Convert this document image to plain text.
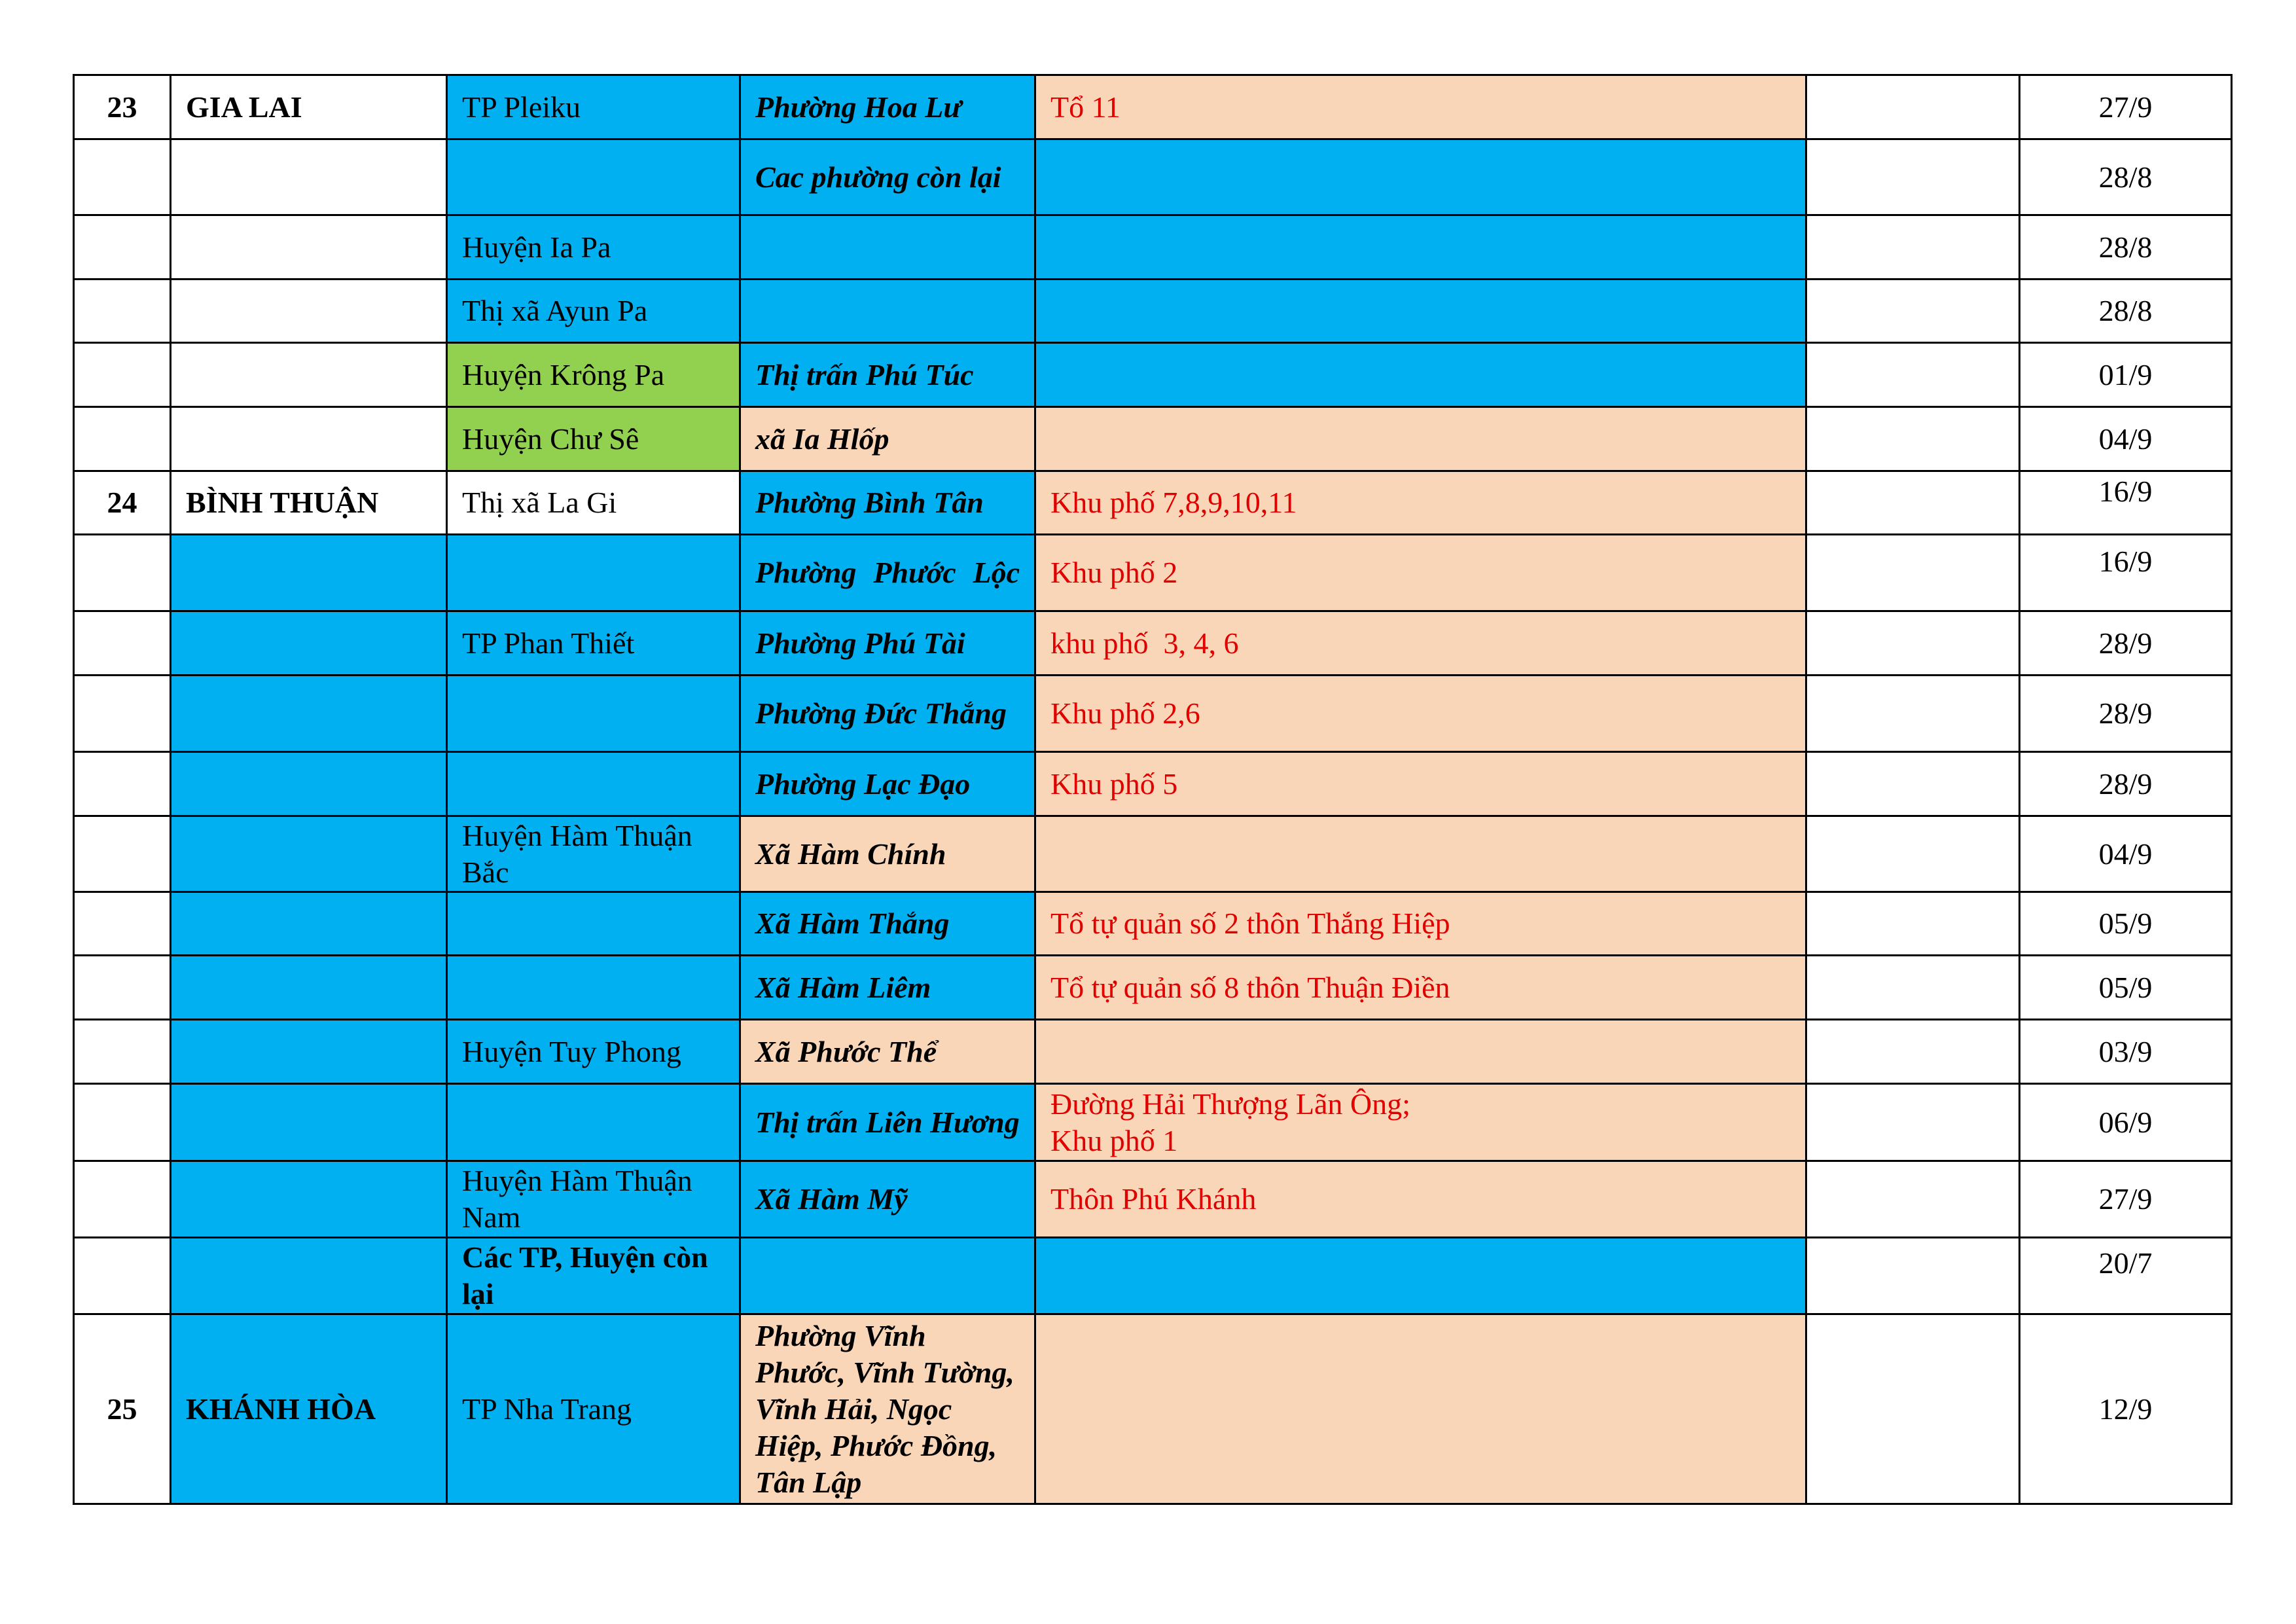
23	GIA LAI	TP Pleiku	Phường Hoa Lư	Tổ 11		27/9
			Cac phường còn lại			28/8
		Huyện Ia Pa				28/8
		Thị xã Ayun Pa				28/8
		Huyện Krông Pa	Thị trấn Phú Túc			01/9
		Huyện Chư Sê	xã Ia Hlốp			04/9
24	BÌNH THUẬN	Thị xã La Gi	Phường Bình Tân	Khu phố 7,8,9,10,11		16/9
			Phường Phước Lộc	Khu phố 2		16/9
		TP Phan Thiết	Phường Phú Tài	khu phố  3, 4, 6		28/9
			Phường Đức Thắng	Khu phố 2,6		28/9
			Phường Lạc Đạo	Khu phố 5		28/9
		Huyện Hàm Thuận Bắc	Xã Hàm Chính			04/9
			Xã Hàm Thắng	Tổ tự quản số 2 thôn Thắng Hiệp		05/9
			Xã Hàm Liêm	Tổ tự quản số 8 thôn Thuận Điền		05/9
		Huyện Tuy Phong	Xã Phước Thể			03/9
			Thị trấn Liên Hương	Đường Hải Thượng Lãn Ông;
Khu phố 1		06/9
		Huyện Hàm Thuận Nam	Xã Hàm Mỹ	Thôn Phú Khánh		27/9
		Các TP, Huyện còn lại				20/7
25	KHÁNH HÒA	TP Nha Trang	Phường Vĩnh Phước, Vĩnh Tường, Vĩnh Hải, Ngọc Hiệp, Phước Đồng, Tân Lập			12/9
